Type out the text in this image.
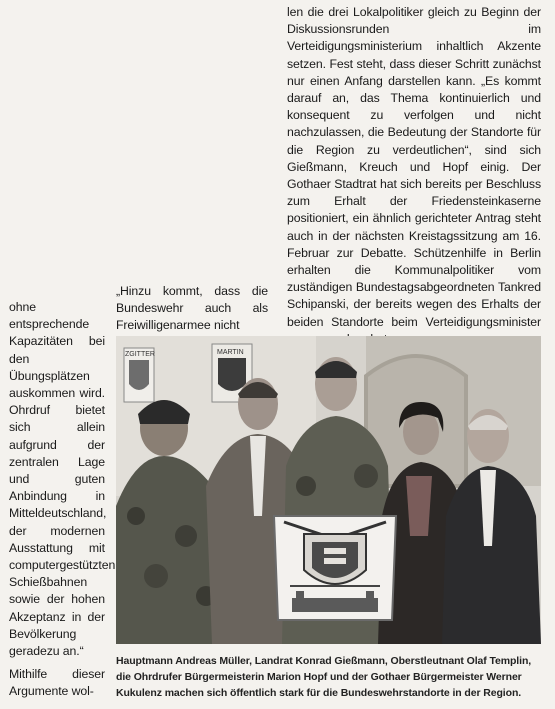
len die drei Lokalpolitiker gleich zu Beginn der Diskussionsrunden im Verteidigungsministerium inhaltlich Akzente setzen. Fest steht, dass dieser Schritt zunächst nur einen Anfang darstellen kann. „Es kommt darauf an, das Thema kontinuierlich und konsequent zu verfolgen und nicht nachzulassen, die Bedeutung der Standorte für die Region zu verdeutlichen“, sind sich Gießmann, Kreuch und Hopf einig. Der Gothaer Stadtrat hat sich bereits per Beschluss zum Erhalt der Friedensteinkaserne positioniert, ein ähnlich gerichteter Antrag steht auch in der nächsten Kreistagssitzung am 16. Februar zur Debatte. Schützenhilfe in Berlin erhalten die Kommunalpolitiker vom zuständigen Bundestagsabgeordneten Tankred Schipanski, der bereits wegen des Erhalts der beiden Standorte beim Verteidigungsminister

„Hinzu kommt, dass die Bundeswehr auch als Freiwilligenarmee nicht

ohne entsprechende Kapazitäten bei den Übungsplätzen auskommen wird. Ohrdruf bietet sich allein aufgrund der zentralen Lage und guten Anbindung in Mitteldeutschland, der modernen Ausstattung mit computergestützten Schießbahnen sowie der hohen Akzeptanz in der Bevölkerung geradezu an.“

Mithilfe dieser Argumente wol-

ZGITTER	MARTIN
Hauptmann Andreas Müller, Landrat Konrad Gießmann, Oberstleutnant Olaf Templin, die Ohrdrufer Bürgermeisterin Marion Hopf und der Gothaer Bürgermeister Werner Kukulenz machen sich öffentlich stark für die Bundeswehrstandorte in der Region.
